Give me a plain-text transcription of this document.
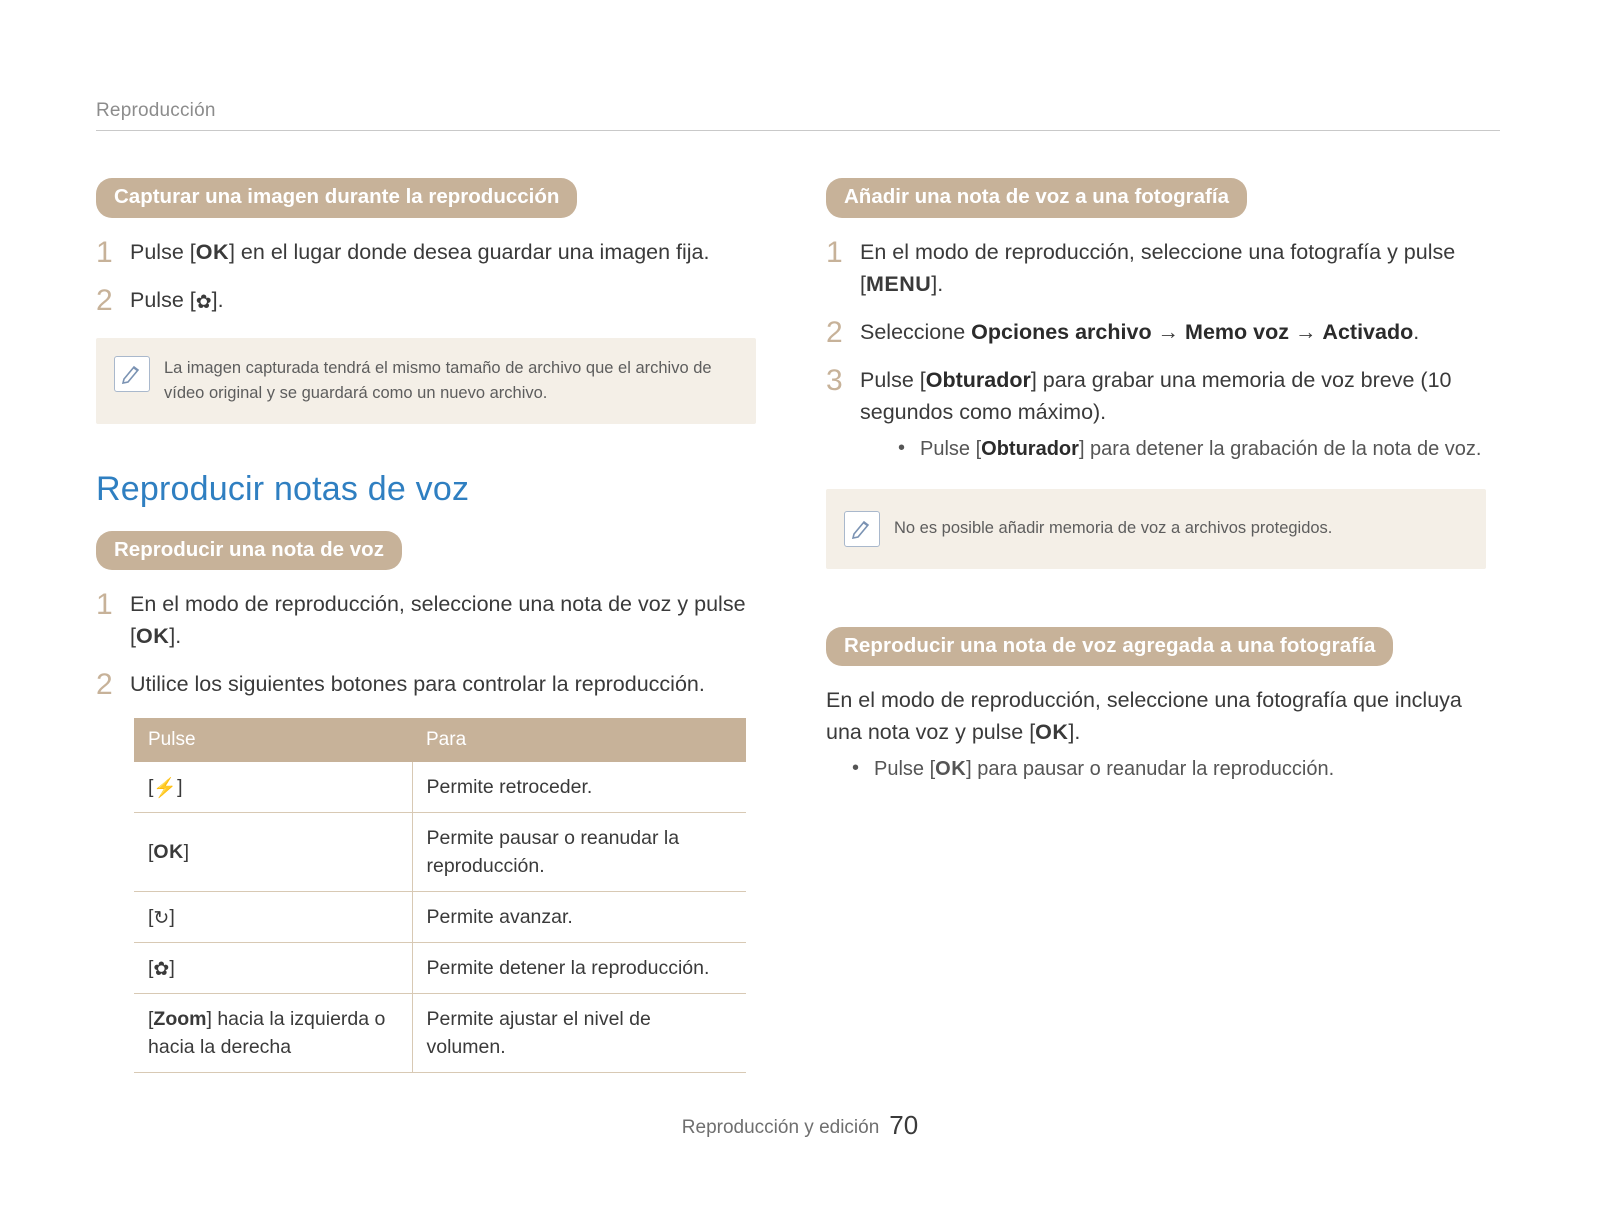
Reproducción
Capturar una imagen durante la reproducción
1 Pulse [OK] en el lugar donde desea guardar una imagen fija.
2 Pulse [✿].
La imagen capturada tendrá el mismo tamaño de archivo que el archivo de vídeo original y se guardará como un nuevo archivo.
Reproducir notas de voz
Reproducir una nota de voz
1 En el modo de reproducción, seleccione una nota de voz y pulse [OK].
2 Utilice los siguientes botones para controlar la reproducción.
Pulse	Para
[⚡]	Permite retroceder.
[OK]	Permite pausar o reanudar la reproducción.
[↻]	Permite avanzar.
[✿]	Permite detener la reproducción.
[Zoom] hacia la izquierda o hacia la derecha	Permite ajustar el nivel de volumen.
Añadir una nota de voz a una fotografía
1 En el modo de reproducción, seleccione una fotografía y pulse [MENU].
2 Seleccione Opciones archivo → Memo voz → Activado.
3 Pulse [Obturador] para grabar una memoria de voz breve (10 segundos como máximo).
• Pulse [Obturador] para detener la grabación de la nota de voz.
No es posible añadir memoria de voz a archivos protegidos.
Reproducir una nota de voz agregada a una fotografía
En el modo de reproducción, seleccione una fotografía que incluya una nota voz y pulse [OK].
• Pulse [OK] para pausar o reanudar la reproducción.
Reproducción y edición 70
